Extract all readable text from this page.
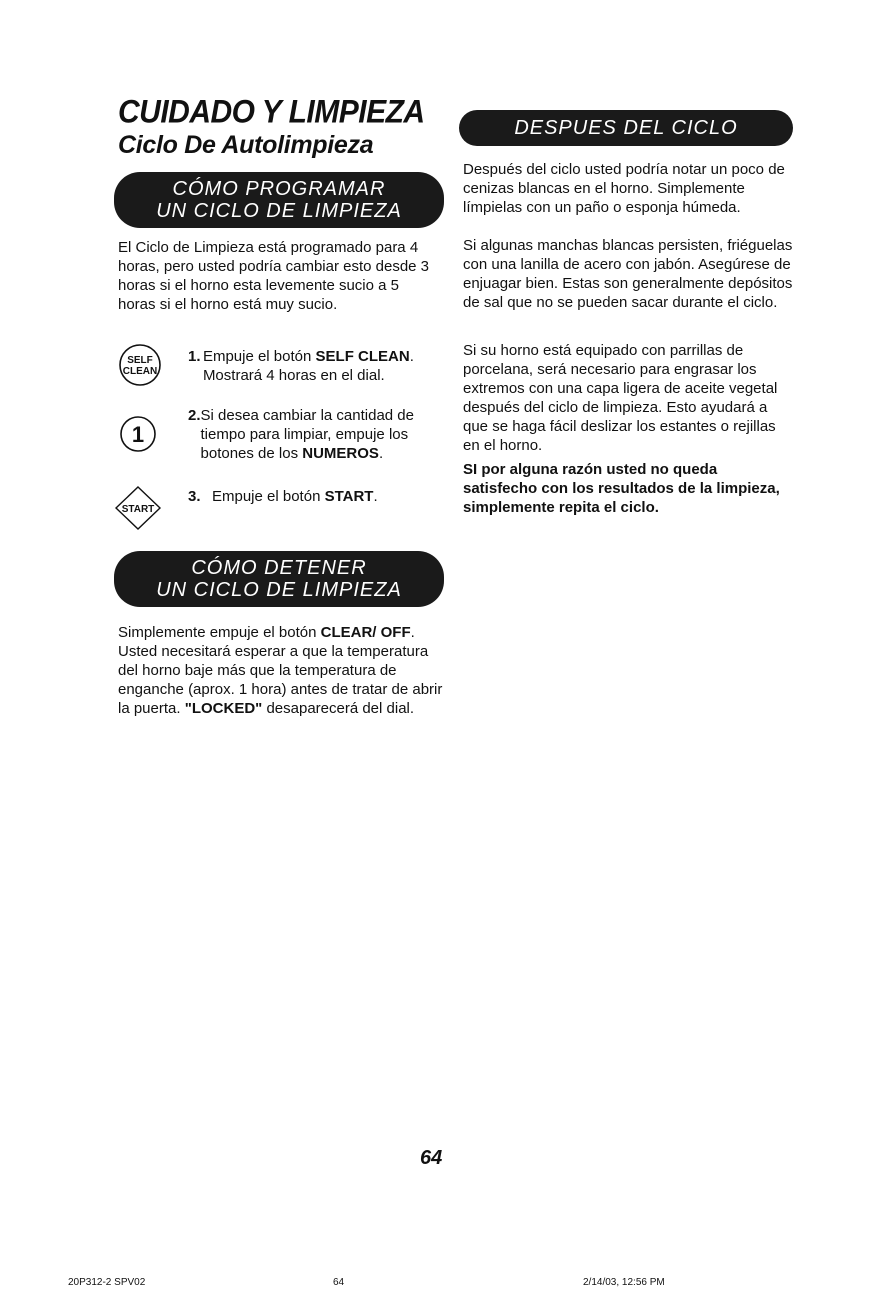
CUIDADO Y LIMPIEZA
Ciclo De Autolimpieza
CÓMO PROGRAMAR
UN CICLO DE LIMPIEZA

El Ciclo de Limpieza está programado para 4 horas, pero usted podría cambiar esto desde 3 horas si el horno esta levemente sucio a 5 horas si el horno está muy sucio.

SELF
CLEAN
1
START
1. Empuje el botón SELF CLEAN. Mostrará 4 horas en el dial.
2. Si desea cambiar la cantidad de tiempo para limpiar, empuje los botones de los NUMEROS.
3. Empuje el botón START.
CÓMO DETENER
UN CICLO DE LIMPIEZA

Simplemente empuje el botón CLEAR/ OFF. Usted necesitará esperar a que la temperatura del horno baje más que la temperatura de enganche (aprox. 1 hora) antes de tratar de abrir la puerta. "LOCKED" desaparecerá del dial.

DESPUES DEL CICLO

Después del ciclo usted podría notar un poco de cenizas blancas en el horno. Simplemente límpielas con un paño o esponja húmeda.

Si algunas manchas blancas persisten, friéguelas con una lanilla de acero con jabón. Asegúrese de enjuagar bien. Estas son generalmente depósitos de sal que no se pueden sacar durante el ciclo.

Si su horno está equipado con parrillas de porcelana, será necesario para engrasar los extremos con una capa ligera de aceite vegetal después del ciclo de limpieza. Esto ayudará a que se haga fácil deslizar los estantes o rejillas en el horno.

SI por alguna razón usted no queda satisfecho con los resultados de la limpieza, simplemente repita el ciclo.

64
20P312-2 SPV02	64	2/14/03, 12:56 PM
